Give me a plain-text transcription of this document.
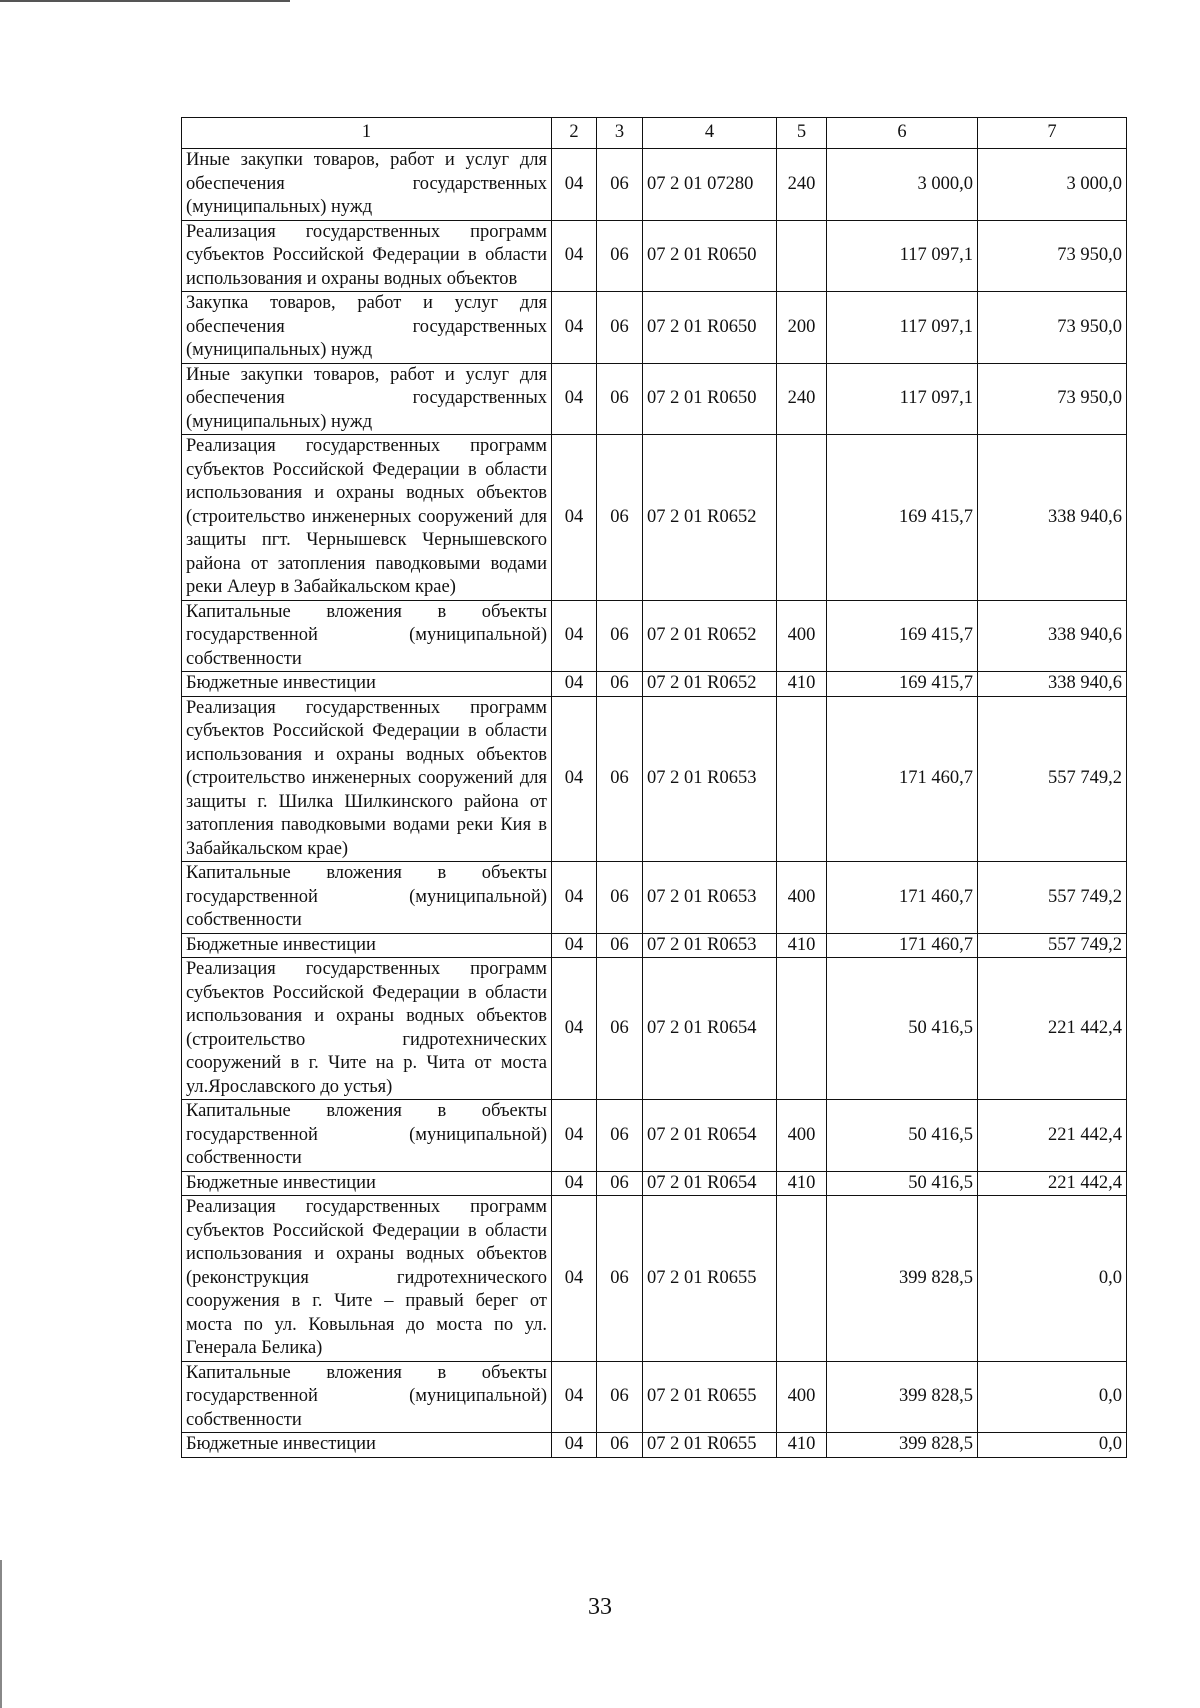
1	2	3	4	5	6	7
Иные закупки товаров, работ и услуг для обеспечения государственных (муниципальных) нужд	04	06	07 2 01 07280	240	3 000,0	3 000,0
Реализация государственных программ субъектов Российской Федерации в области использования и охраны водных объектов	04	06	07 2 01 R0650		117 097,1	73 950,0
Закупка товаров, работ и услуг для обеспечения государственных (муниципальных) нужд	04	06	07 2 01 R0650	200	117 097,1	73 950,0
Иные закупки товаров, работ и услуг для обеспечения государственных (муниципальных) нужд	04	06	07 2 01 R0650	240	117 097,1	73 950,0
Реализация государственных программ субъектов Российской Федерации в области использования и охраны водных объектов (строительство инженерных сооружений для защиты пгт. Чернышевск Чернышевского района от затопления паводковыми водами реки Алеур в Забайкальском крае)	04	06	07 2 01 R0652		169 415,7	338 940,6
Капитальные вложения в объекты государственной (муниципальной) собственности	04	06	07 2 01 R0652	400	169 415,7	338 940,6
Бюджетные инвестиции	04	06	07 2 01 R0652	410	169 415,7	338 940,6
Реализация государственных программ субъектов Российской Федерации в области использования и охраны водных объектов (строительство инженерных сооружений для защиты г. Шилка Шилкинского района от затопления паводковыми водами реки Кия в Забайкальском крае)	04	06	07 2 01 R0653		171 460,7	557 749,2
Капитальные вложения в объекты государственной (муниципальной) собственности	04	06	07 2 01 R0653	400	171 460,7	557 749,2
Бюджетные инвестиции	04	06	07 2 01 R0653	410	171 460,7	557 749,2
Реализация государственных программ субъектов Российской Федерации в области использования и охраны водных объектов (строительство гидротехнических сооружений в г. Чите на р. Чита от моста ул.Ярославского до устья)	04	06	07 2 01 R0654		50 416,5	221 442,4
Капитальные вложения в объекты государственной (муниципальной) собственности	04	06	07 2 01 R0654	400	50 416,5	221 442,4
Бюджетные инвестиции	04	06	07 2 01 R0654	410	50 416,5	221 442,4
Реализация государственных программ субъектов Российской Федерации в области использования и охраны водных объектов (реконструкция гидротехнического сооружения в г. Чите – правый берег от моста по ул. Ковыльная до моста по ул. Генерала Белика)	04	06	07 2 01 R0655		399 828,5	0,0
Капитальные вложения в объекты государственной (муниципальной) собственности	04	06	07 2 01 R0655	400	399 828,5	0,0
Бюджетные инвестиции	04	06	07 2 01 R0655	410	399 828,5	0,0
33
